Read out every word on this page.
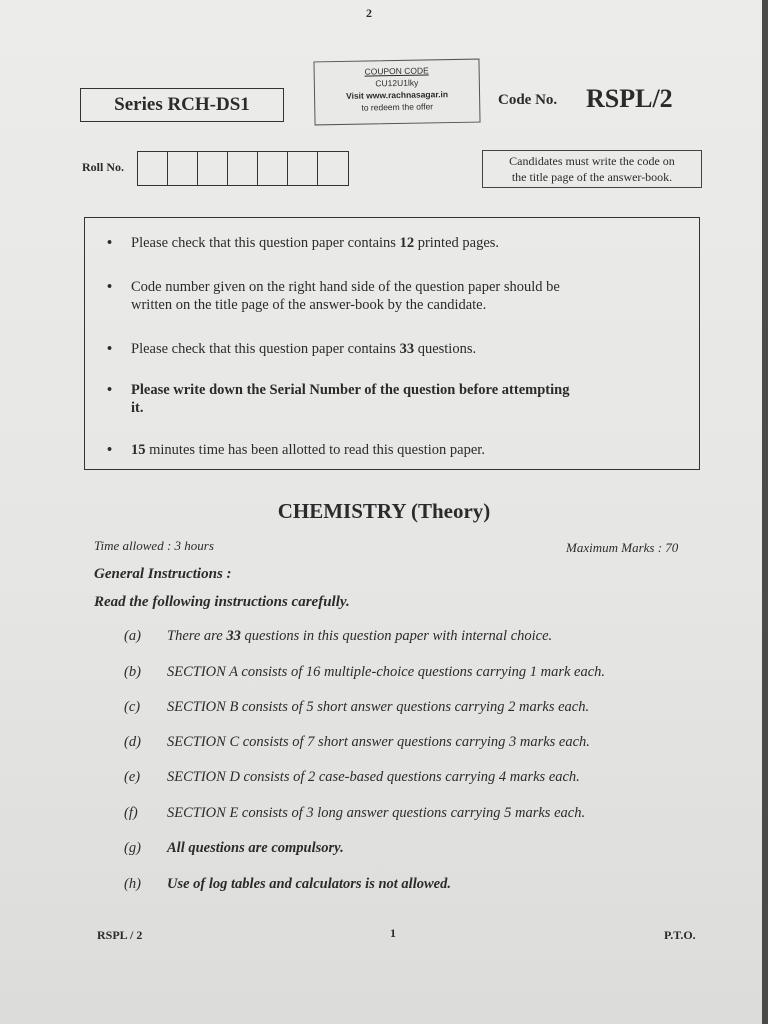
2
Series RCH-DS1
COUPON CODE
CU12U1lky
Visit www.rachnasagar.in
to redeem the offer	Code No. RSPL/2
Roll No.	Candidates must write the code on
the title page of the answer-book.
•	Please check that this question paper contains 12 printed pages.
•	Code number given on the right hand side of the question paper should be
written on the title page of the answer-book by the candidate.
•	Please check that this question paper contains 33 questions.
•	Please write down the Serial Number of the question before attempting
it.
•	15 minutes time has been allotted to read this question paper.
CHEMISTRY (Theory)
Time allowed : 3 hours	Maximum Marks : 70
General Instructions :
Read the following instructions carefully.
(a)	There are 33 questions in this question paper with internal choice.
(b)	SECTION A consists of 16 multiple-choice questions carrying 1 mark each.
(c)	SECTION B consists of 5 short answer questions carrying 2 marks each.
(d)	SECTION C consists of 7 short answer questions carrying 3 marks each.
(e)	SECTION D consists of 2 case-based questions carrying 4 marks each.
(f)	SECTION E consists of 3 long answer questions carrying 5 marks each.
(g)	All questions are compulsory.
(h)	Use of log tables and calculators is not allowed.
RSPL / 2	1	P.T.O.
